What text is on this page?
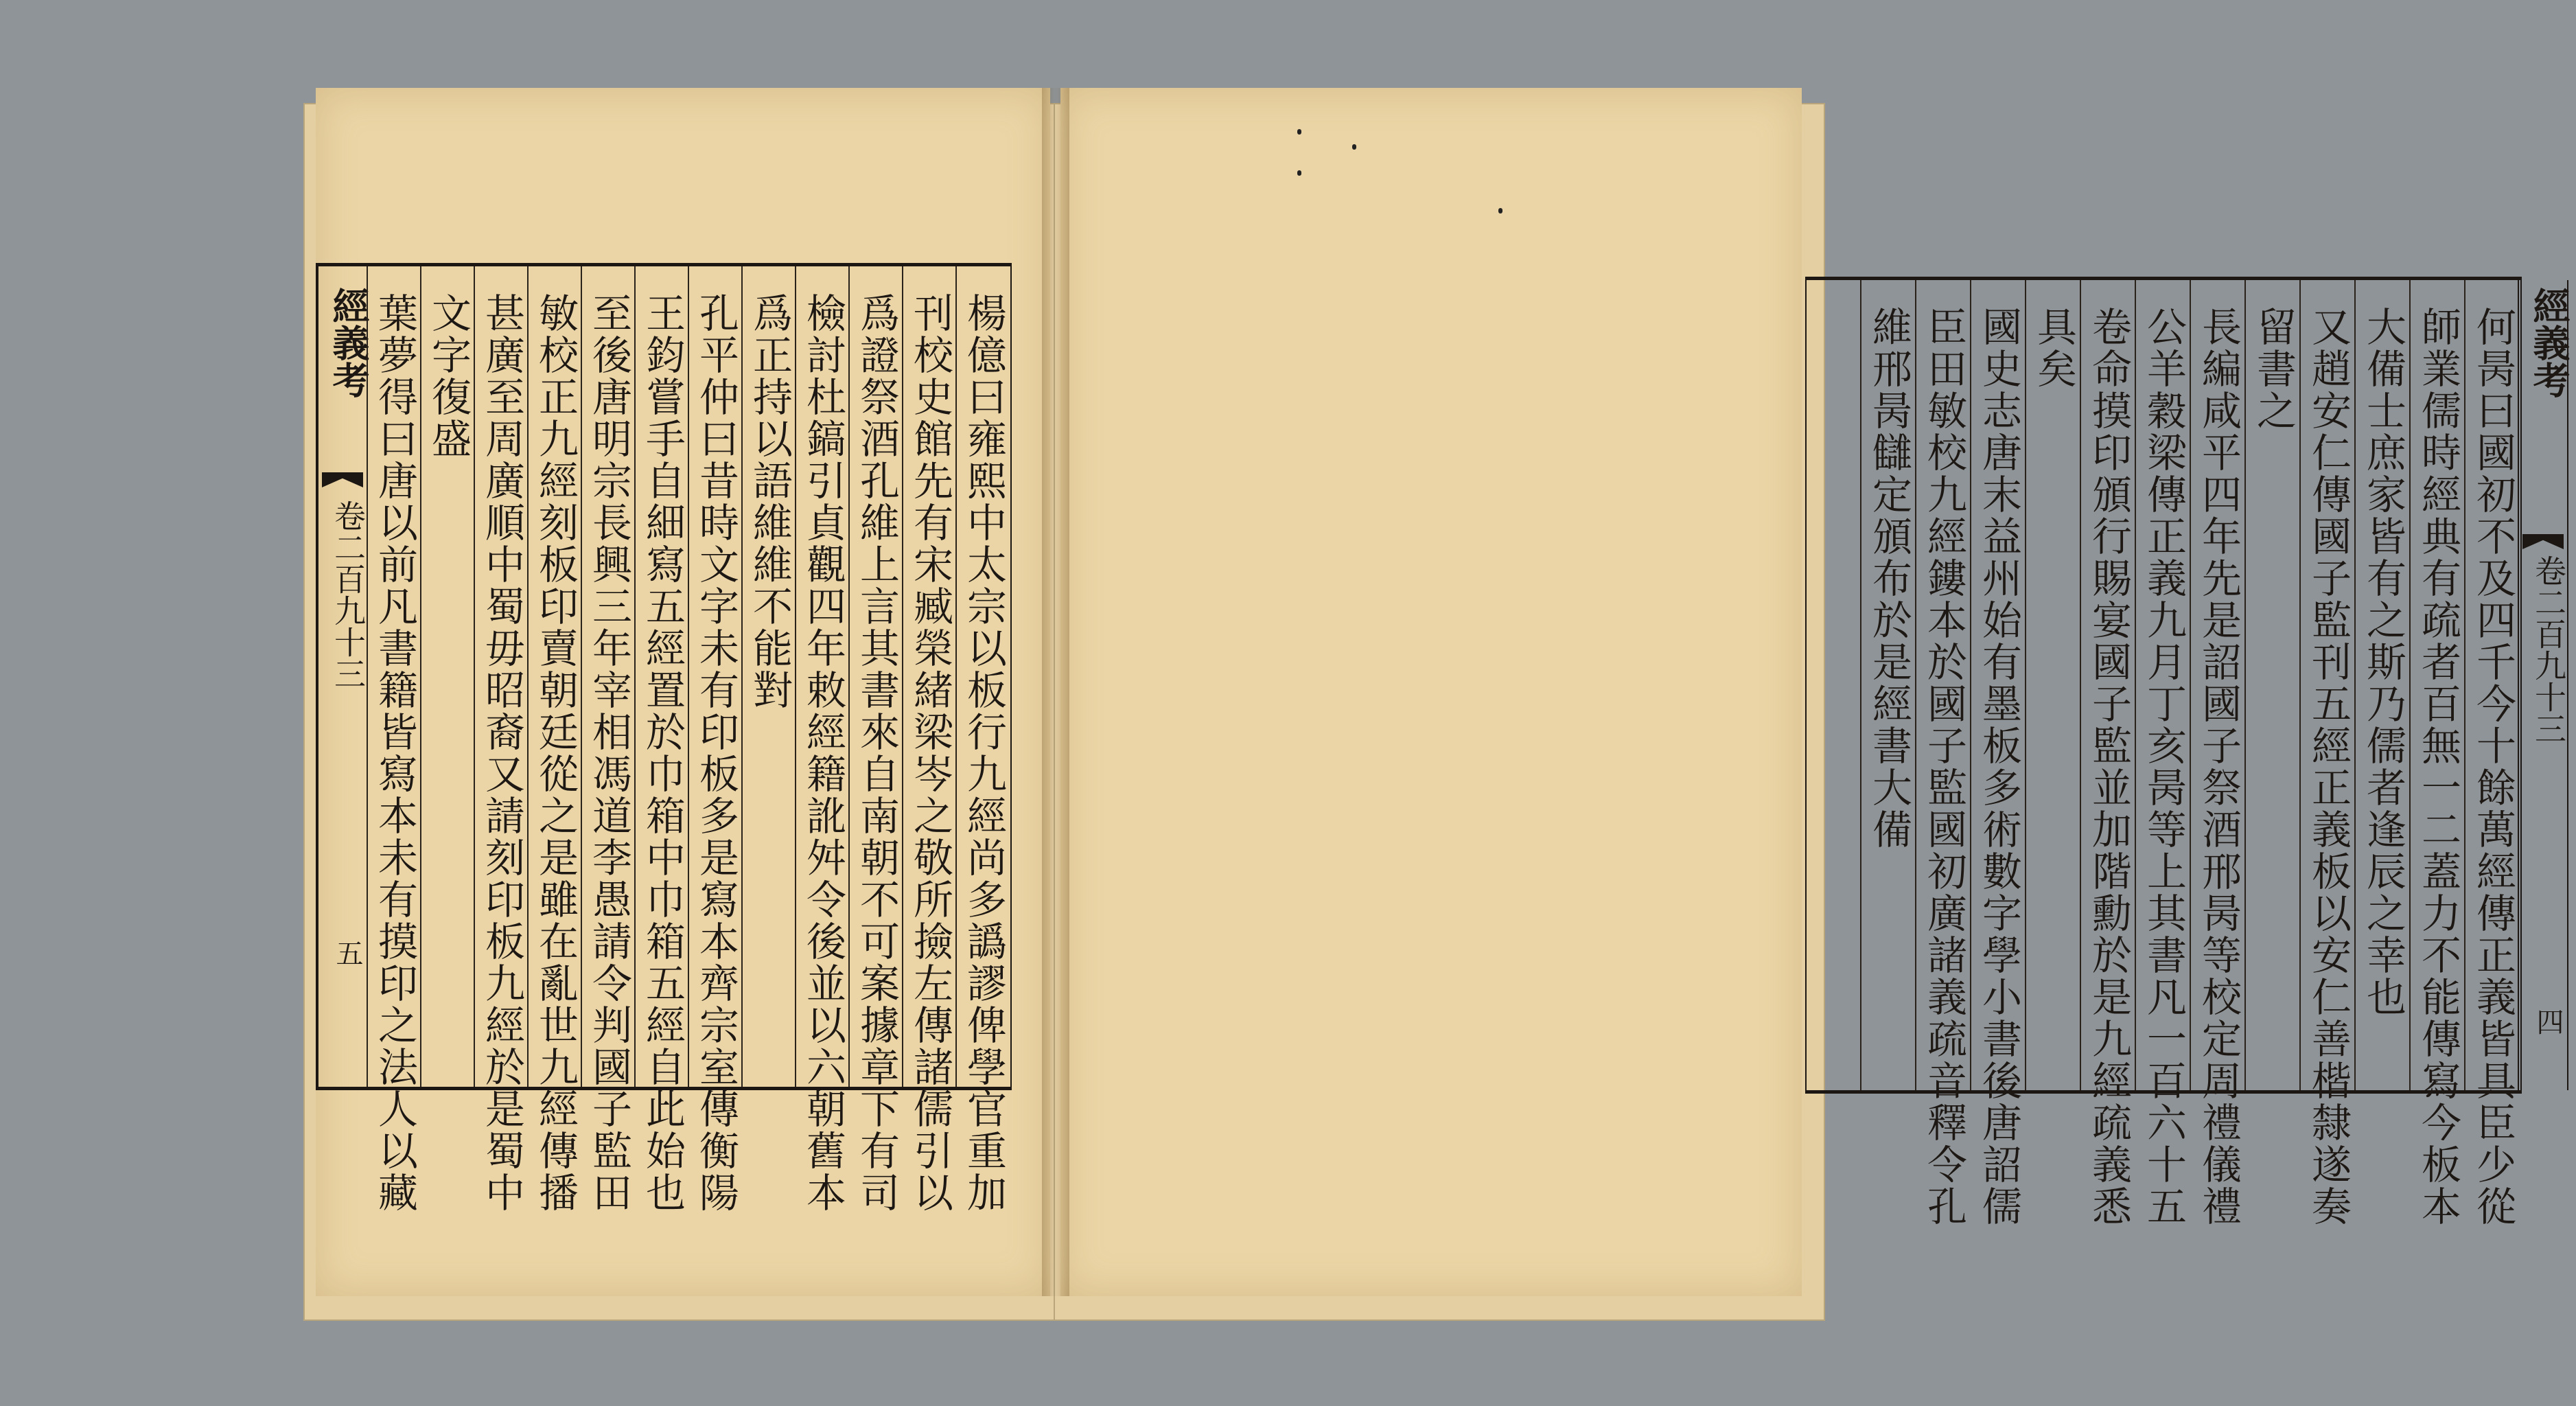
經義考
卷二百九十三
五	楊億曰雍熙中太宗以板行九經尚多譌謬俾學官重加
刊校史館先有宋臧榮緒梁岑之敬所撿左傳諸儒引以
爲證祭酒孔維上言其書來自南朝不可案據章下有司
檢討杜鎬引貞觀四年敕經籍訛舛令後並以六朝舊本
爲正持以語維維不能對
孔平仲曰昔時文字未有印板多是寫本齊宗室傳衡陽
王鈞嘗手自細寫五經置於巾箱中巾箱五經自此始也
至後唐明宗長興三年宰相馮道李愚請令判國子監田
敏校正九經刻板印賣朝廷從之是雖在亂世九經傳播
甚廣至周廣順中蜀毋昭裔又請刻印板九經於是蜀中
文字復盛
葉夢得曰唐以前凡書籍皆寫本未有摸印之法人以藏	何昺曰國初不及四千今十餘萬經傳正義皆具臣少從
師業儒時經典有疏者百無一二蓋力不能傳寫今板本
大備士庶家皆有之斯乃儒者逢辰之幸也
又趙安仁傳國子監刊五經正義板以安仁善楷隸遂奏
留書之
長編咸平四年先是詔國子祭酒邢昺等校定周禮儀禮
公羊穀梁傳正義九月丁亥昺等上其書凡一百六十五
卷命摸印頒行賜宴國子監並加階勳於是九經疏義悉
具矣
國史志唐末益州始有墨板多術數字學小書後唐詔儒
臣田敏校九經鏤本於國子監國初廣諸義疏音釋令孔
維邢昺讎定頒布於是經書大備	經義考
卷二百九十三
四
